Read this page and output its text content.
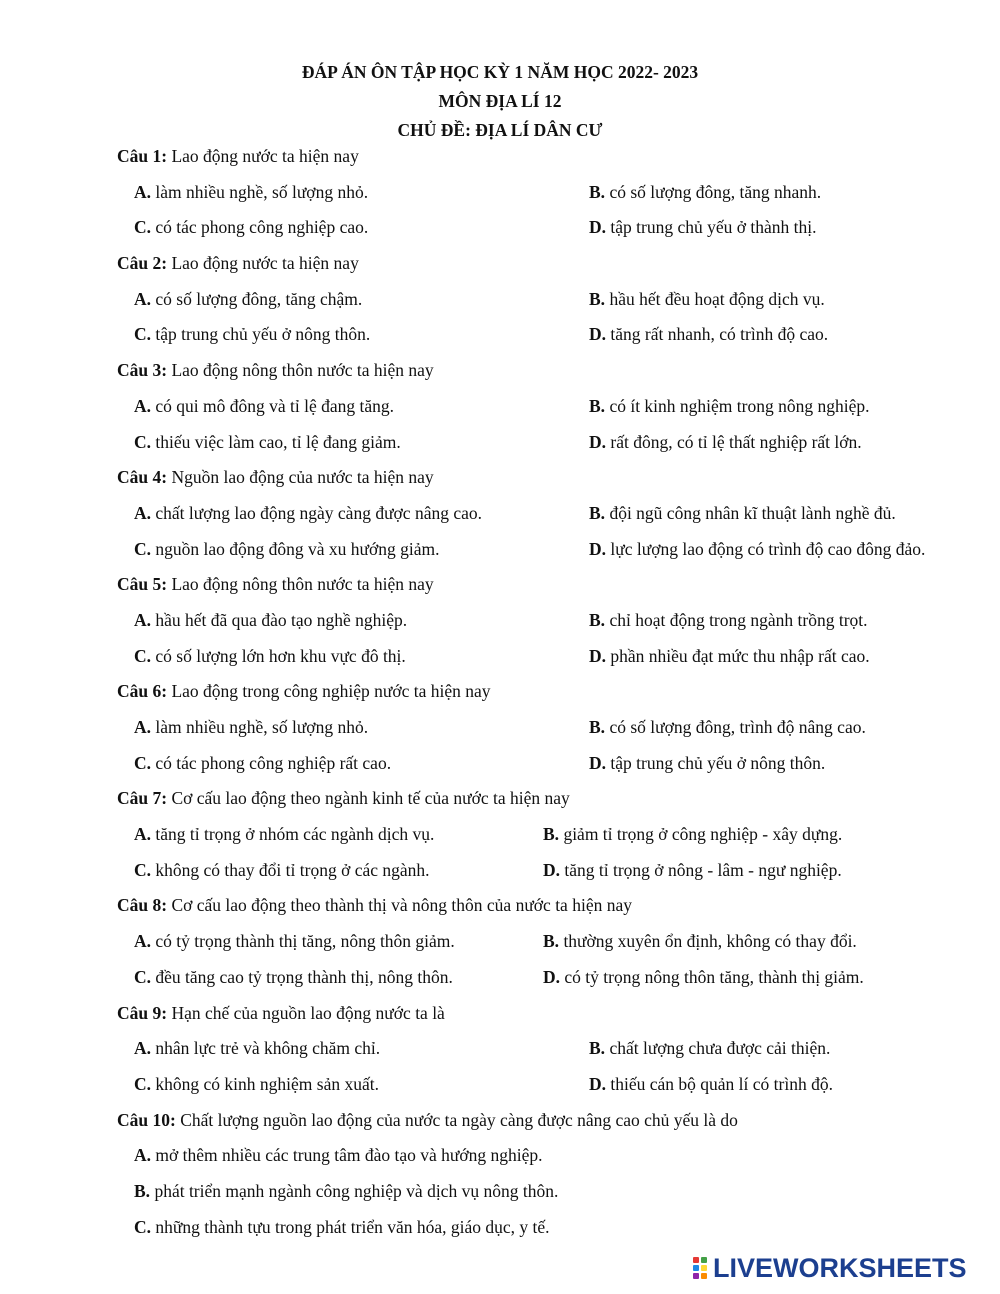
ĐÁP ÁN ÔN TẬP HỌC KỲ 1 NĂM HỌC 2022- 2023
MÔN ĐỊA LÍ 12
CHỦ ĐỀ: ĐỊA LÍ DÂN CƯ
Câu 1: Lao động nước ta hiện nay
A. làm nhiều nghề, số lượng nhỏ.	B. có số lượng đông, tăng nhanh.
C. có tác phong công nghiệp cao.	D. tập trung chủ yếu ở thành thị.
Câu 2: Lao động nước ta hiện nay
A. có số lượng đông, tăng chậm.	B. hầu hết đều hoạt động dịch vụ.
C. tập trung chủ yếu ở nông thôn.	D. tăng rất nhanh, có trình độ cao.
Câu 3: Lao động nông thôn nước ta hiện nay
A. có qui mô đông và tỉ lệ đang tăng.	B. có ít kinh nghiệm trong nông nghiệp.
C. thiếu việc làm cao, tỉ lệ đang giảm.	D. rất đông, có tỉ lệ thất nghiệp rất lớn.
Câu 4: Nguồn lao động của nước ta hiện nay
A. chất lượng lao động ngày càng được nâng cao.	B. đội ngũ công nhân kĩ thuật lành nghề đủ.
C. nguồn lao động đông và xu hướng giảm.	D. lực lượng lao động có trình độ cao đông đảo.
Câu 5: Lao động nông thôn nước ta hiện nay
A. hầu hết đã qua đào tạo nghề nghiệp.	B. chỉ hoạt động trong ngành trồng trọt.
C. có số lượng lớn hơn khu vực đô thị.	D. phần nhiều đạt mức thu nhập rất cao.
Câu 6: Lao động trong công nghiệp nước ta hiện nay
A. làm nhiều nghề, số lượng nhỏ.	B. có số lượng đông, trình độ nâng cao.
C. có tác phong công nghiệp rất cao.	D. tập trung chủ yếu ở nông thôn.
Câu 7: Cơ cấu lao động theo ngành kinh tế của nước ta hiện nay
A. tăng tỉ trọng ở nhóm các ngành dịch vụ.	B. giảm tỉ trọng ở công nghiệp - xây dựng.
C. không có thay đổi tỉ trọng ở các ngành.	D. tăng tỉ trọng ở nông - lâm - ngư nghiệp.
Câu 8: Cơ cấu lao động theo thành thị và nông thôn của nước ta hiện nay
A. có tỷ trọng thành thị tăng, nông thôn giảm.	B. thường xuyên ổn định, không có thay đổi.
C. đều tăng cao tỷ trọng thành thị, nông thôn.	D. có tỷ trọng nông thôn tăng, thành thị giảm.
Câu 9: Hạn chế của nguồn lao động nước ta là
A. nhân lực trẻ và không chăm chỉ.	B. chất lượng chưa được cải thiện.
C. không có kinh nghiệm sản xuất.	D. thiếu cán bộ quản lí có trình độ.
Câu 10: Chất lượng nguồn lao động của nước ta ngày càng được nâng cao chủ yếu là do
A. mở thêm nhiều các trung tâm đào tạo và hướng nghiệp.
B. phát triển mạnh ngành công nghiệp và dịch vụ nông thôn.
C. những thành tựu trong phát triển văn hóa, giáo dục, y tế.
LIVEWORKSHEETS
